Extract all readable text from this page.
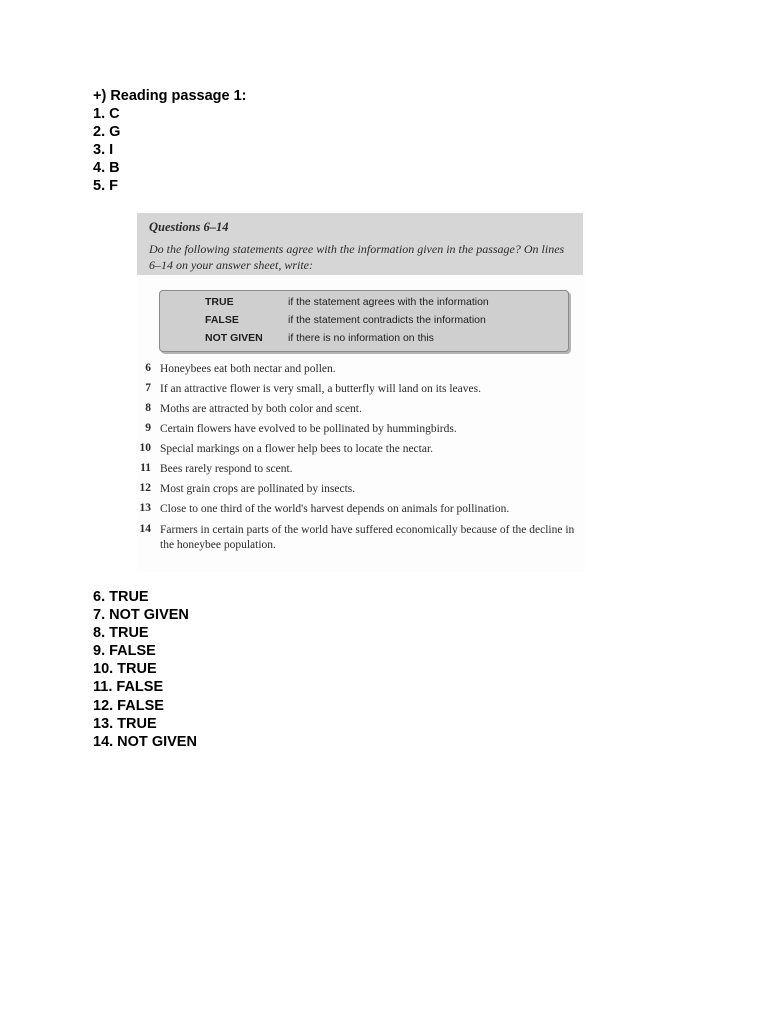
+) Reading passage 1:
1. C
2. G
3. I
4. B
5. F
Questions 6–14
Do the following statements agree with the information given in the passage? On lines 6–14 on your answer sheet, write:
TRUE	if the statement agrees with the information
FALSE	if the statement contradicts the information
NOT GIVEN if there is no information on this
6 Honeybees eat both nectar and pollen.
7 If an attractive flower is very small, a butterfly will land on its leaves.
8 Moths are attracted by both color and scent.
9 Certain flowers have evolved to be pollinated by hummingbirds.
10 Special markings on a flower help bees to locate the nectar.
11 Bees rarely respond to scent.
12 Most grain crops are pollinated by insects.
13 Close to one third of the world's harvest depends on animals for pollination.
14 Farmers in certain parts of the world have suffered economically because of the decline in the honeybee population.
6. TRUE
7. NOT GIVEN
8. TRUE
9. FALSE
10. TRUE
11. FALSE
12. FALSE
13. TRUE
14. NOT GIVEN
